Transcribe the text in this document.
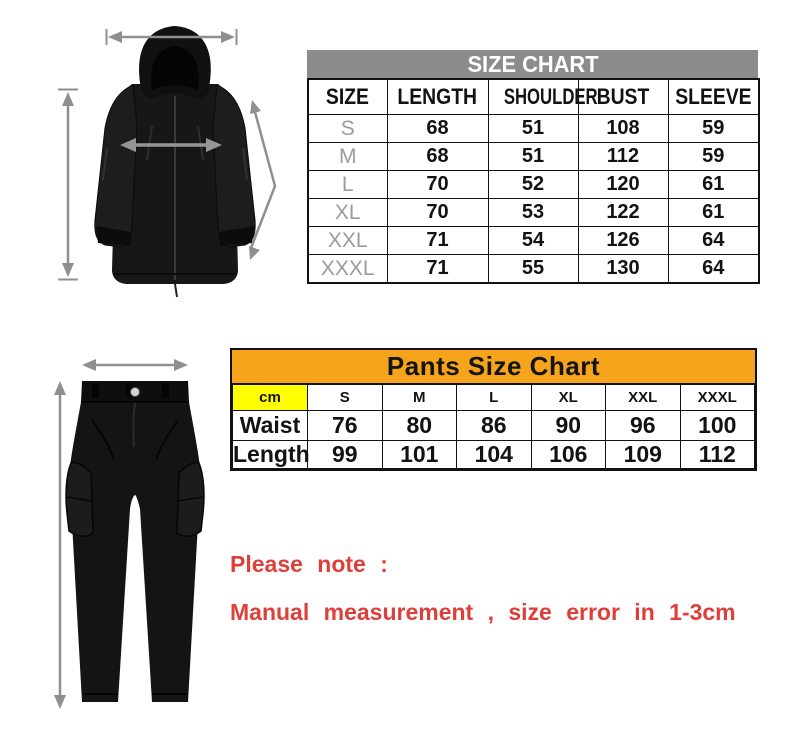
SIZE CHART
SIZE	LENGTH	SHOULDER	BUST	SLEEVE
S	68	51	108	59
M	68	51	112	59
L	70	52	120	61
XL	70	53	122	61
XXL	71	54	126	64
XXXL	71	55	130	64
Pants Size Chart
cm	S	M	L	XL	XXL	XXXL
Waist	76	80	86	90	96	100
Length	99	101	104	106	109	112
Please note :
Manual measurement , size error in 1-3cm
